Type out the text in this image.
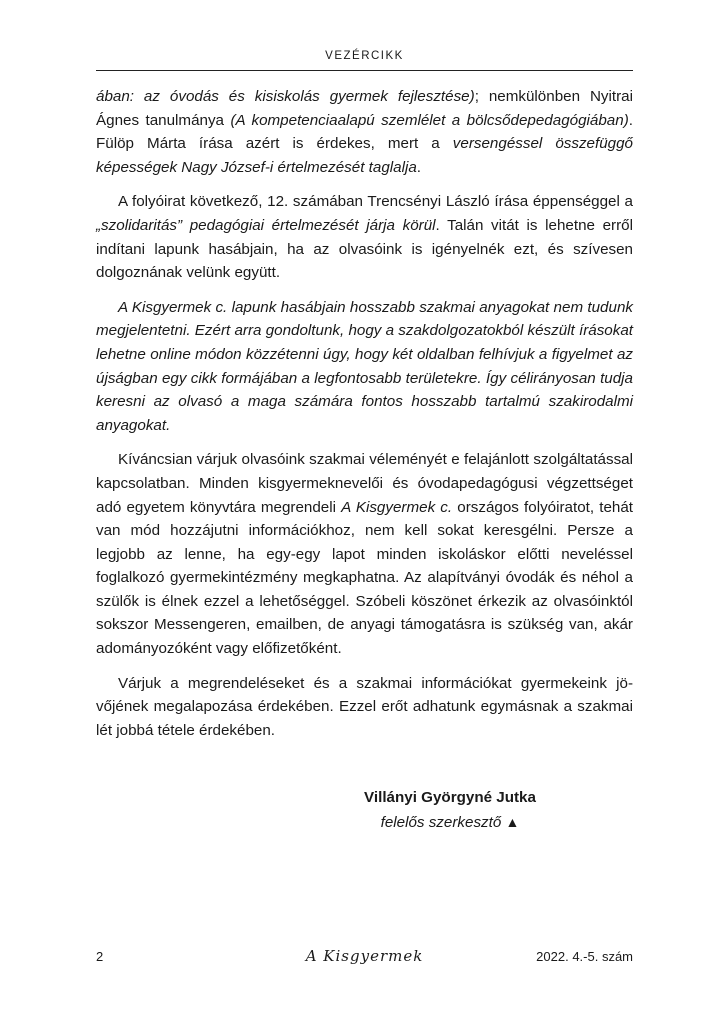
VEZÉRCIKK

ában: az óvodás és kisiskolás gyermek fejlesztése); nemkülönben Nyitrai Ágnes tanulmánya (A kompetenciaalapú szemlélet a bölcsődepedagógiában). Fülöp Márta írása azért is érdekes, mert a versengéssel összefüggő képességek Nagy József-i értelmezését taglalja.

A folyóirat következő, 12. számában Trencsényi László írása éppenséggel a „szolidaritás” pedagógiai értelmezését járja körül. Talán vitát is lehetne erről indítani lapunk hasábjain, ha az olvasóink is igényelnék ezt, és szívesen dolgoznának velünk együtt.

A Kisgyermek c. lapunk hasábjain hosszabb szakmai anyagokat nem tudunk megjelentetni. Ezért arra gondoltunk, hogy a szakdolgozatokból készült írásokat lehetne online módon közzétenni úgy, hogy két oldalban felhívjuk a figyelmet az újságban egy cikk formájában a legfontosabb területekre. Így célirányosan tudja keresni az olvasó a maga számára fontos hosszabb tartalmú szakirodalmi anyagokat.

Kíváncsian várjuk olvasóink szakmai véleményét e felajánlott szolgáltatással kapcsolatban. Minden kisgyermeknevelői és óvodapedagógusi végzettséget adó egyetem könyvtára megrendeli A Kisgyermek c. országos folyóiratot, tehát van mód hozzájutni információkhoz, nem kell sokat keresgélni. Persze a legjobb az lenne, ha egy-egy lapot minden iskoláskor előtti neveléssel foglalkozó gyermekintézmény megkaphatna. Az alapítványi óvodák és néhol a szülők is élnek ezzel a lehetőséggel. Szóbeli köszönet érkezik az olvasóinktól sokszor Messengeren, emailben, de anyagi támogatásra is szükség van, akár adományozóként vagy előfizetőként.

Várjuk a megrendeléseket és a szakmai információkat gyermekeink jövőjének megalapozása érdekében. Ezzel erőt adhatunk egymásnak a szakmai lét jobbá tétele érdekében.

Villányi Györgyné Jutka
felelős szerkesztő ▲
2	A Kisgyermek	2022. 4.-5. szám
